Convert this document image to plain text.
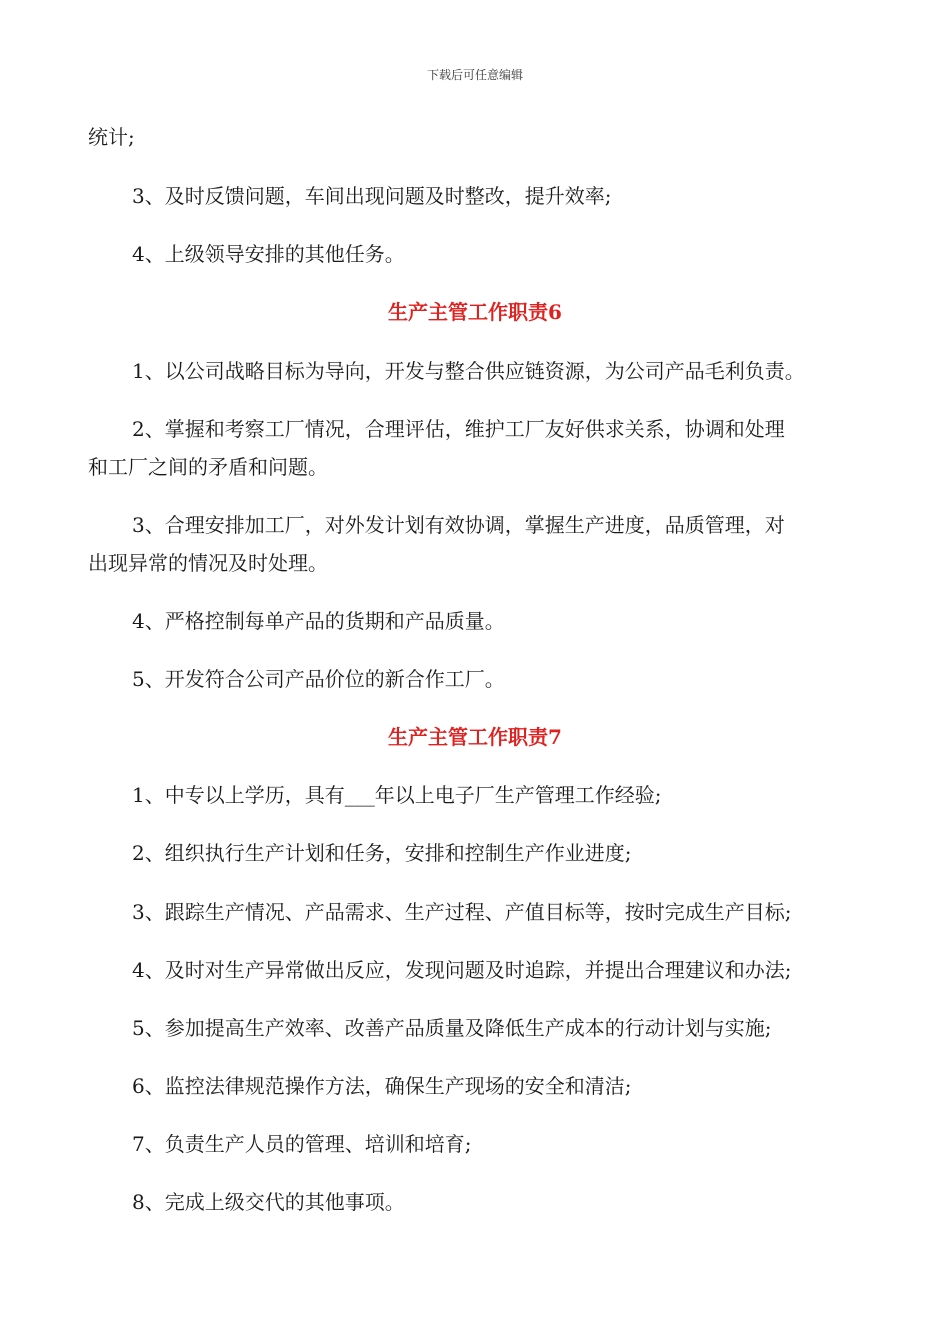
下载后可任意编辑
统计;
3、及时反馈问题，车间出现问题及时整改，提升效率;
4、上级领导安排的其他任务。
生产主管工作职责6
1、以公司战略目标为导向，开发与整合供应链资源，为公司产品毛利负责。
2、掌握和考察工厂情况，合理评估，维护工厂友好供求关系，协调和处理
和工厂之间的矛盾和问题。
3、合理安排加工厂，对外发计划有效协调，掌握生产进度，品质管理，对
出现异常的情况及时处理。
4、严格控制每单产品的货期和产品质量。
5、开发符合公司产品价位的新合作工厂。
生产主管工作职责7
1、中专以上学历，具有___年以上电子厂生产管理工作经验;
2、组织执行生产计划和任务，安排和控制生产作业进度;
3、跟踪生产情况、产品需求、生产过程、产值目标等，按时完成生产目标;
4、及时对生产异常做出反应，发现问题及时追踪，并提出合理建议和办法;
5、参加提高生产效率、改善产品质量及降低生产成本的行动计划与实施;
6、监控法律规范操作方法，确保生产现场的安全和清洁;
7、负责生产人员的管理、培训和培育;
8、完成上级交代的其他事项。
